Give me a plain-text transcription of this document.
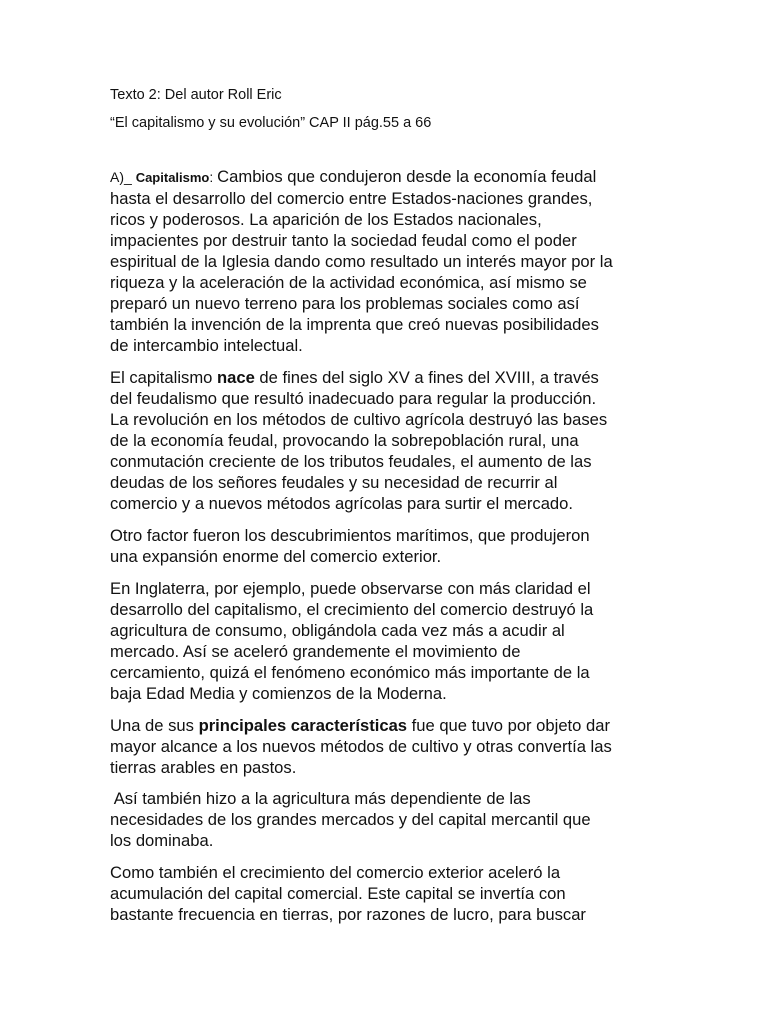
Texto 2: Del autor Roll Eric

“El capitalismo y su evolución” CAP II pág.55 a 66

A)_ Capitalismo: Cambios que condujeron desde la economía feudal
hasta el desarrollo del comercio entre Estados-naciones grandes,
ricos y poderosos. La aparición de los Estados nacionales,
impacientes por destruir tanto la sociedad feudal como el poder
espiritual de la Iglesia dando como resultado un interés mayor por la
riqueza y la aceleración de la actividad económica, así mismo se
preparó un nuevo terreno para los problemas sociales como así
también la invención de la imprenta que creó nuevas posibilidades
de intercambio intelectual.
El capitalismo nace de fines del siglo XV a fines del XVIII, a través
del feudalismo que resultó inadecuado para regular la producción.
La revolución en los métodos de cultivo agrícola destruyó las bases
de la economía feudal, provocando la sobrepoblación rural, una
conmutación creciente de los tributos feudales, el aumento de las
deudas de los señores feudales y su necesidad de recurrir al
comercio y a nuevos métodos agrícolas para surtir el mercado.
Otro factor fueron los descubrimientos marítimos, que produjeron
una expansión enorme del comercio exterior.
En Inglaterra, por ejemplo, puede observarse con más claridad el
desarrollo del capitalismo, el crecimiento del comercio destruyó la
agricultura de consumo, obligándola cada vez más a acudir al
mercado. Así se aceleró grandemente el movimiento de
cercamiento, quizá el fenómeno económico más importante de la
baja Edad Media y comienzos de la Moderna.
Una de sus principales características fue que tuvo por objeto dar
mayor alcance a los nuevos métodos de cultivo y otras convertía las
tierras arables en pastos.
Así también hizo a la agricultura más dependiente de las
necesidades de los grandes mercados y del capital mercantil que
los dominaba.
Como también el crecimiento del comercio exterior aceleró la
acumulación del capital comercial. Este capital se invertía con
bastante frecuencia en tierras, por razones de lucro, para buscar
